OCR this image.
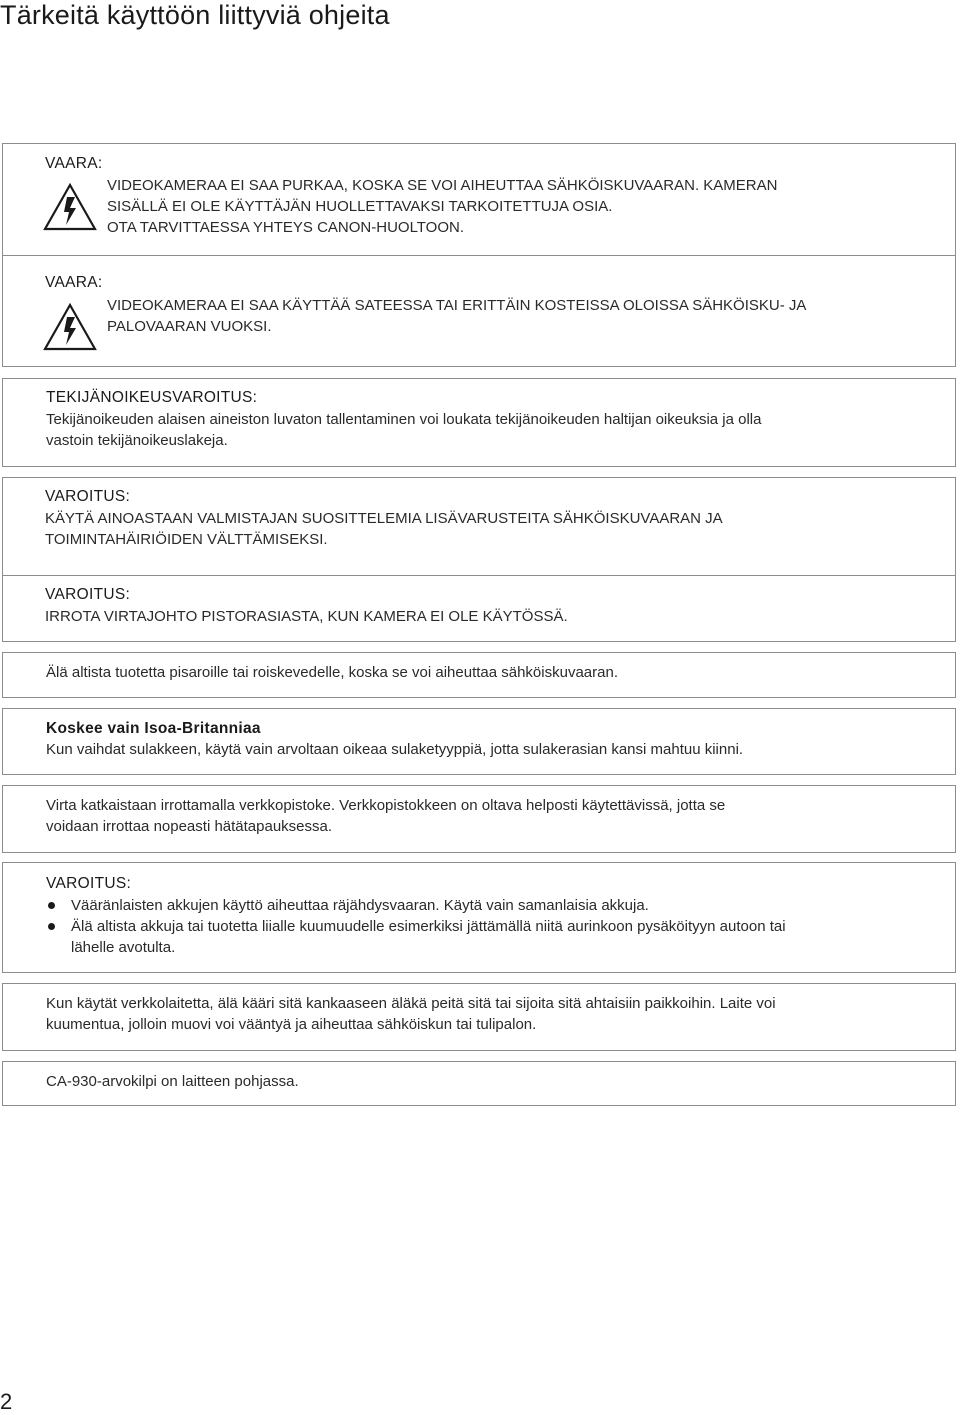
Tärkeitä käyttöön liittyviä ohjeita
VAARA:
VIDEOKAMERAA EI SAA PURKAA, KOSKA SE VOI AIHEUTTAA SÄHKÖISKUVAARAN. KAMERAN
SISÄLLÄ EI OLE KÄYTTÄJÄN HUOLLETTAVAKSI TARKOITETTUJA OSIA.
OTA TARVITTAESSA YHTEYS CANON-HUOLTOON.
VAARA:
VIDEOKAMERAA EI SAA KÄYTTÄÄ SATEESSA TAI ERITTÄIN KOSTEISSA OLOISSA SÄHKÖISKU- JA
PALOVAARAN VUOKSI.
TEKIJÄNOIKEUSVAROITUS:
Tekijänoikeuden alaisen aineiston luvaton tallentaminen voi loukata tekijänoikeuden haltijan oikeuksia ja olla
vastoin tekijänoikeuslakeja.
VAROITUS:
KÄYTÄ AINOASTAAN VALMISTAJAN SUOSITTELEMIA LISÄVARUSTEITA SÄHKÖISKUVAARAN JA
TOIMINTAHÄIRIÖIDEN VÄLTTÄMISEKSI.
VAROITUS:
IRROTA VIRTAJOHTO PISTORASIASTA, KUN KAMERA EI OLE KÄYTÖSSÄ.
Älä altista tuotetta pisaroille tai roiskevedelle, koska se voi aiheuttaa sähköiskuvaaran.
Koskee vain Isoa-Britanniaa
Kun vaihdat sulakkeen, käytä vain arvoltaan oikeaa sulaketyyppiä, jotta sulakerasian kansi mahtuu kiinni.
Virta katkaistaan irrottamalla verkkopistoke. Verkkopistokkeen on oltava helposti käytettävissä, jotta se
voidaan irrottaa nopeasti hätätapauksessa.
VAROITUS:
Vääränlaisten akkujen käyttö aiheuttaa räjähdysvaaran. Käytä vain samanlaisia akkuja.
Älä altista akkuja tai tuotetta liialle kuumuudelle esimerkiksi jättämällä niitä aurinkoon pysäköityyn autoon tai
lähelle avotulta.
Kun käytät verkkolaitetta, älä kääri sitä kankaaseen äläkä peitä sitä tai sijoita sitä ahtaisiin paikkoihin. Laite voi
kuumentua, jolloin muovi voi vääntyä ja aiheuttaa sähköiskun tai tulipalon.
CA-930-arvokilpi on laitteen pohjassa.
2
